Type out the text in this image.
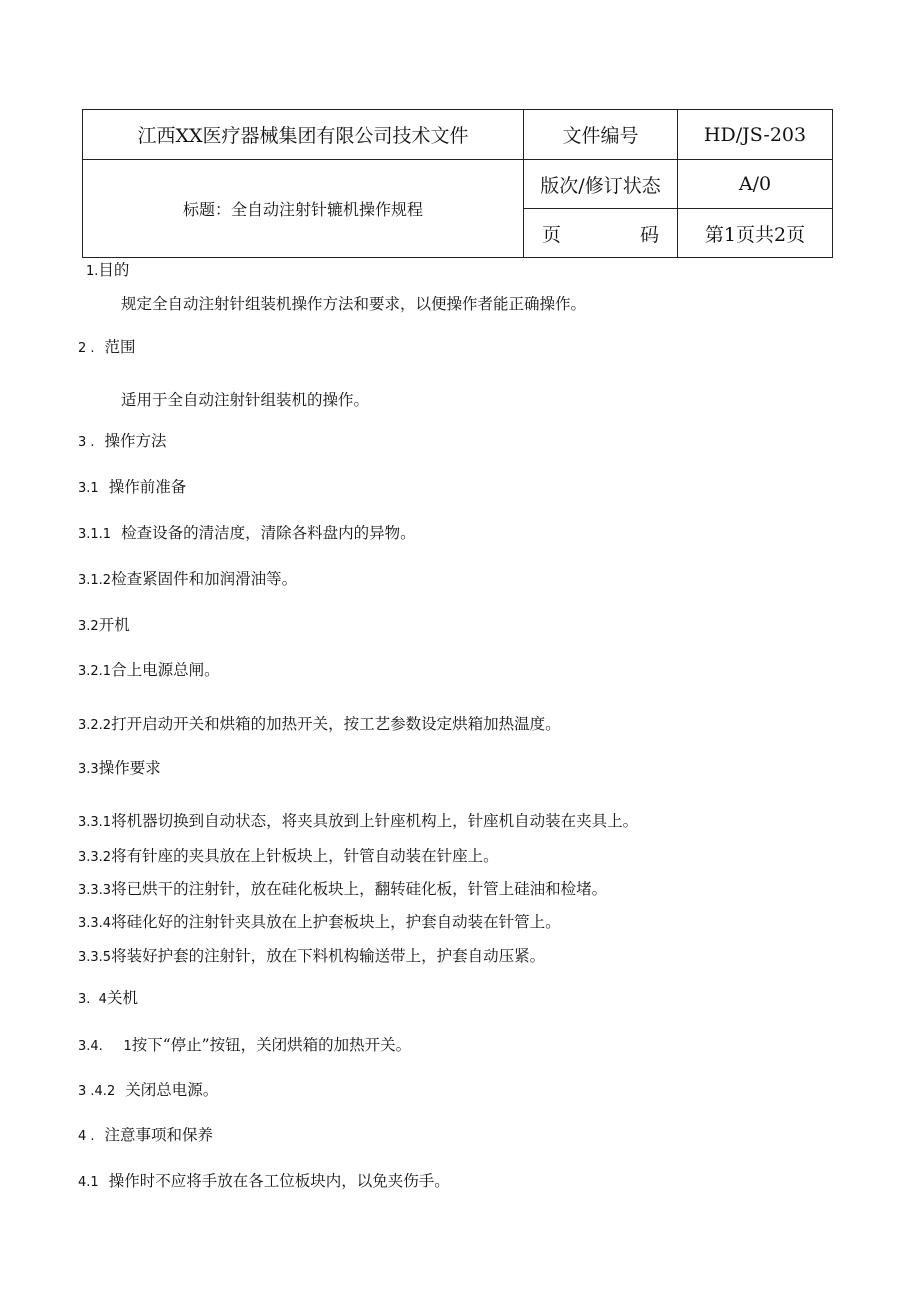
江西XX医疗器械集团有限公司技术文件	文件编号	HD/JS-203
标题：全自动注射针辘机操作规程	版次/修订状态	A/0

	页 码	第1页共2页
1.目的
规定全自动注射针组装机操作方法和要求，以便操作者能正确操作。
2 . 范围
适用于全自动注射针组装机的操作。
3 . 操作方法
3.1 操作前准备
3.1.1 检查设备的清洁度，清除各料盘内的异物。
3.1.2检查紧固件和加润滑油等。
3.2开机
3.2.1合上电源总闸。
3.2.2打开启动开关和烘箱的加热开关，按工艺参数设定烘箱加热温度。
3.3操作要求
3.3.1将机器切换到自动状态，将夹具放到上针座机构上，针座机自动装在夹具上。
3.3.2将有针座的夹具放在上针板块上，针管自动装在针座上。
3.3.3将已烘干的注射针，放在硅化板块上，翻转硅化板，针管上硅油和检堵。
3.3.4将硅化好的注射针夹具放在上护套板块上，护套自动装在针管上。
3.3.5将装好护套的注射针，放在下料机构输送带上，护套自动压紧。
3.  4关机
3.4.     1按下“停止”按钮，关闭烘箱的加热开关。
3 .4.2 关闭总电源。
4 . 注意事项和保养
4.1 操作时不应将手放在各工位板块内，以免夹伤手。
